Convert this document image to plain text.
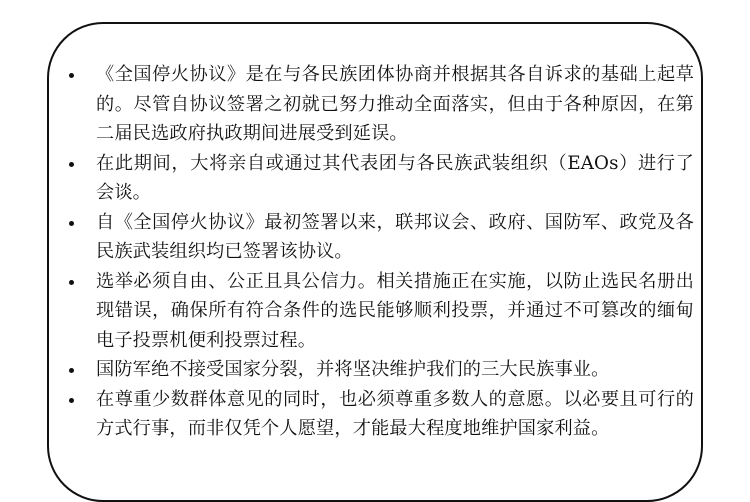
《全国停火协议》是在与各民族团体协商并根据其各自诉求的基础上起草的。尽管自协议签署之初就已努力推动全面落实，但由于各种原因，在第二届民选政府执政期间进展受到延误。
在此期间，大将亲自或通过其代表团与各民族武装组织（EAOs）进行了会谈。
自《全国停火协议》最初签署以来，联邦议会、政府、国防军、政党及各民族武装组织均已签署该协议。
选举必须自由、公正且具公信力。相关措施正在实施，以防止选民名册出现错误，确保所有符合条件的选民能够顺利投票，并通过不可篡改的缅甸电子投票机便利投票过程。
国防军绝不接受国家分裂，并将坚决维护我们的三大民族事业。
在尊重少数群体意见的同时，也必须尊重多数人的意愿。以必要且可行的方式行事，而非仅凭个人愿望，才能最大程度地维护国家利益。
